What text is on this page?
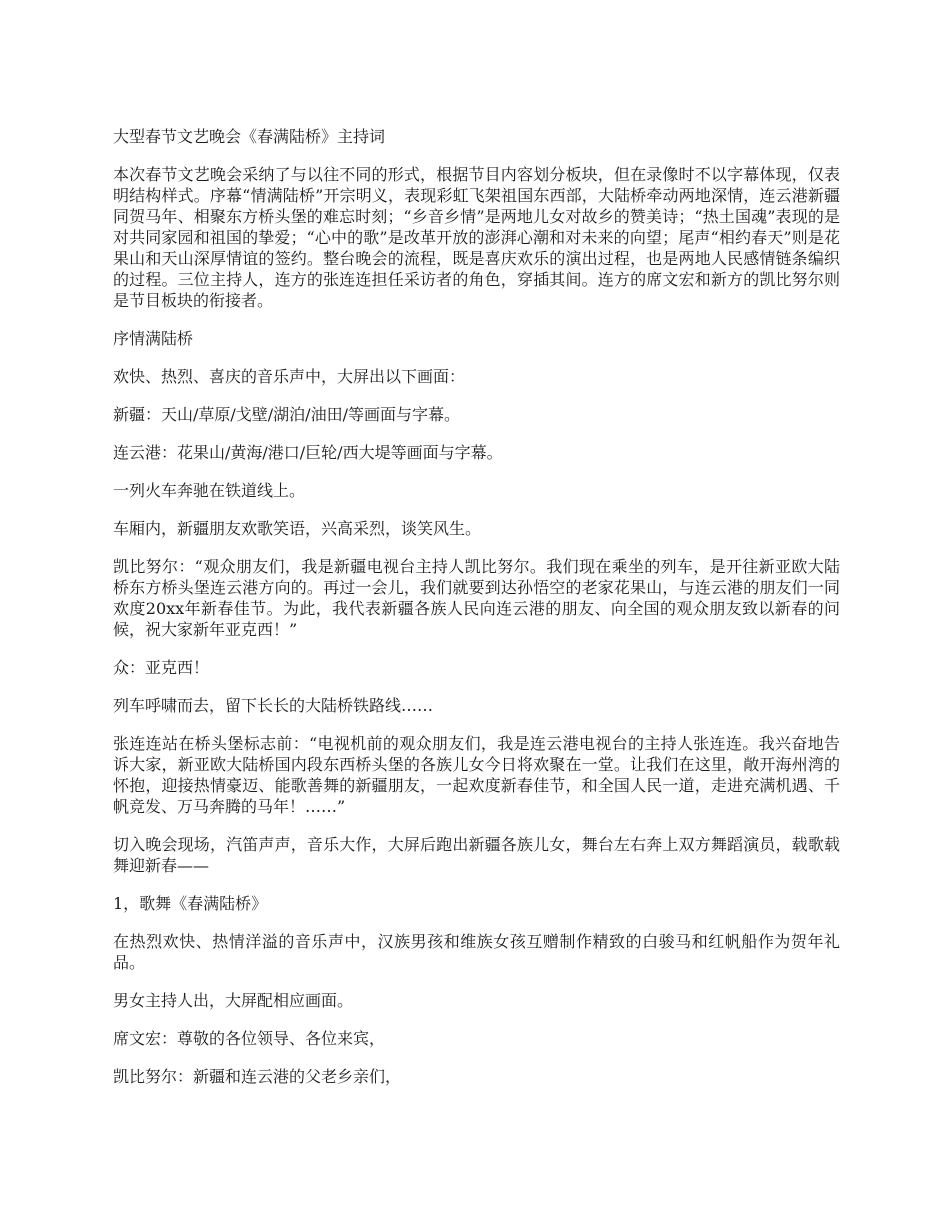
大型春节文艺晚会《春满陆桥》主持词

本次春节文艺晚会采纳了与以往不同的形式，根据节目内容划分板块，但在录像时不以字幕体现，仅表明结构样式。序幕“情满陆桥”开宗明义，表现彩虹飞架祖国东西部，大陆桥牵动两地深情，连云港新疆同贺马年、相聚东方桥头堡的难忘时刻；“乡音乡情”是两地儿女对故乡的赞美诗；“热土国魂”表现的是对共同家园和祖国的挚爱；“心中的歌”是改革开放的澎湃心潮和对未来的向望；尾声“相约春天”则是花果山和天山深厚情谊的签约。整台晚会的流程，既是喜庆欢乐的演出过程，也是两地人民感情链条编织的过程。三位主持人，连方的张连连担任采访者的角色，穿插其间。连方的席文宏和新方的凯比努尔则是节目板块的衔接者。

序情满陆桥

欢快、热烈、喜庆的音乐声中，大屏出以下画面：

新疆：天山/草原/戈壁/湖泊/油田/等画面与字幕。

连云港：花果山/黄海/港口/巨轮/西大堤等画面与字幕。

一列火车奔驰在铁道线上。

车厢内，新疆朋友欢歌笑语，兴高采烈，谈笑风生。

凯比努尔：“观众朋友们，我是新疆电视台主持人凯比努尔。我们现在乘坐的列车，是开往新亚欧大陆桥东方桥头堡连云港方向的。再过一会儿，我们就要到达孙悟空的老家花果山，与连云港的朋友们一同欢度20xx年新春佳节。为此，我代表新疆各族人民向连云港的朋友、向全国的观众朋友致以新春的问候，祝大家新年亚克西！”

众：亚克西！

列车呼啸而去，留下长长的大陆桥铁路线……

张连连站在桥头堡标志前：“电视机前的观众朋友们，我是连云港电视台的主持人张连连。我兴奋地告诉大家，新亚欧大陆桥国内段东西桥头堡的各族儿女今日将欢聚在一堂。让我们在这里，敞开海州湾的怀抱，迎接热情豪迈、能歌善舞的新疆朋友，一起欢度新春佳节，和全国人民一道，走进充满机遇、千帆竞发、万马奔腾的马年！……”

切入晚会现场，汽笛声声，音乐大作，大屏后跑出新疆各族儿女，舞台左右奔上双方舞蹈演员，载歌载舞迎新春——

1，歌舞《春满陆桥》

在热烈欢快、热情洋溢的音乐声中，汉族男孩和维族女孩互赠制作精致的白骏马和红帆船作为贺年礼品。

男女主持人出，大屏配相应画面。

席文宏：尊敬的各位领导、各位来宾，

凯比努尔：新疆和连云港的父老乡亲们，
